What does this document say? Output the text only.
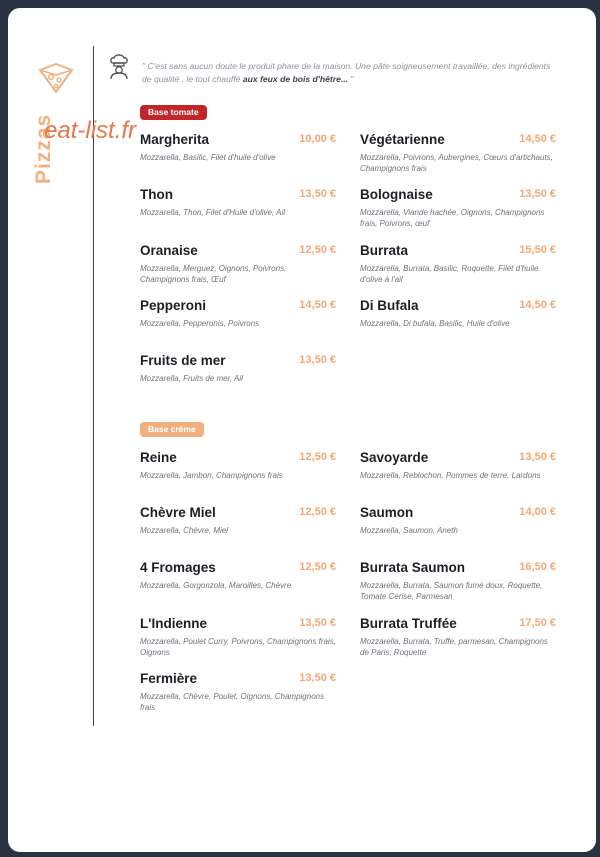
Pizzas

" C'est sans aucun doute le produit phare de la maison. Une pâte soigneusement travaillée, des ingrédients de qualité , le tout chauffé aux feux de bois d'hêtre... "

Base tomate
Base crème
Margherita	10,00 €
Mozzarella, Basilic, Filet d'huile d'olive
Végétarienne	14,50 €
Mozzarella, Poivrons, Aubergines, Cœurs d'artichauts, Champignons frais
Thon	13,50 €
Mozzarella, Thon, Filet d'Huile d'olive, Ail
Bolognaise	13,50 €
Mozzarella, Viande hachée, Oignons, Champignons frais, Poivrons, œuf
Oranaise	12,50 €
Mozzarella, Merguez, Oignons, Poivrons, Champignons frais, Œuf
Burrata	15,50 €
Mozzarella, Burrata, Basilic, Roquette, Filet d'huile d'olive à l'ail
Pepperoni	14,50 €
Mozzarella, Pepperonis, Poivrons
Di Bufala	14,50 €
Mozzarella, Di bufala, Basilic, Huile d'olive
Fruits de mer	13,50 €
Mozzarella, Fruits de mer, Ail
Reine	12,50 €
Mozzarella, Jambon, Champignons frais
Savoyarde	13,50 €
Mozzarella, Reblochon, Pommes de terre, Lardons
Chèvre Miel	12,50 €
Mozzarella, Chèvre, Miel
Saumon	14,00 €
Mozzarella, Saumon, Aneth
4 Fromages	12,50 €
Mozzarella, Gorgonzola, Maroilles, Chèvre
Burrata Saumon	16,50 €
Mozzarella, Burrata, Saumon fumé doux, Roquette, Tomate Cerise, Parmesan
L'Indienne	13,50 €
Mozzarella, Poulet Curry, Poivrons, Champignons frais, Oignons
Burrata Truffée	17,50 €
Mozzarella, Burrata, Truffe, parmesan, Champignons de Paris, Roquette
Fermière	13,50 €
Mozzarella, Chèvre, Poulet, Oignons, Champignons frais
eat-list.fr
